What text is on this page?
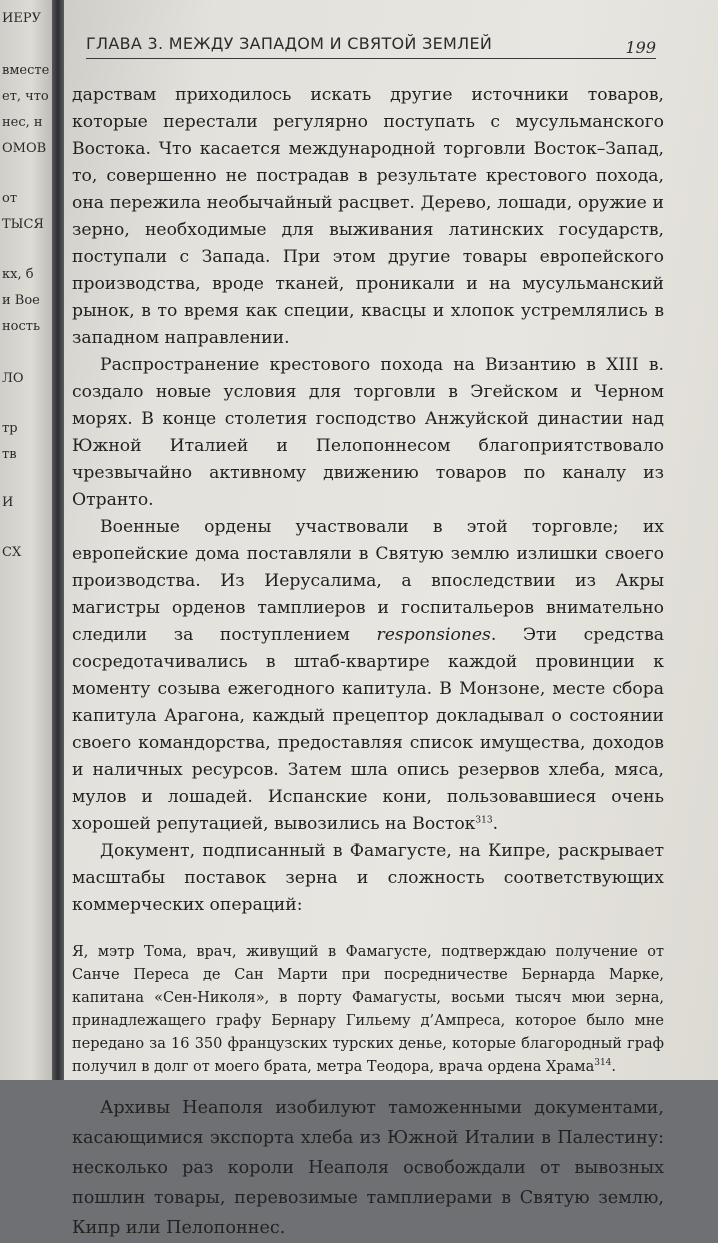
ИЕРУ
вместе
ет, что
нес, н
ОМОВ
от
ТЫСЯ
кх, б
и Вое
ность
ЛО
тр
тв
И
СХ
ГЛАВА 3. МЕЖДУ ЗАПАДОМ И СВЯТОЙ ЗЕМЛЕЙ	199

дарствам приходилось искать другие источники товаров, которые перестали регулярно поступать с мусульманского Востока. Что касается международной торговли Восток–Запад, то, совершенно не пострадав в результате крестового похода, она пережила необычайный расцвет. Дерево, лошади, оружие и зерно, необходимые для выживания латинских государств, поступали с Запада. При этом другие товары европейского производства, вроде тканей, проникали и на мусульманский рынок, в то время как специи, квасцы и хлопок устремлялись в западном направлении.

Распространение крестового похода на Византию в XIII в. создало новые условия для торговли в Эгейском и Черном морях. В конце столетия господство Анжуйской династии над Южной Италией и Пелопоннесом благоприятствовало чрезвычайно активному движению товаров по каналу из Отранто.

Военные ордены участвовали в этой торговле; их европейские дома поставляли в Святую землю излишки своего производства. Из Иерусалима, а впоследствии из Акры магистры орденов тамплиеров и госпитальеров внимательно следили за поступлением responsiones. Эти средства сосредотачивались в штаб-квартире каждой провинции к моменту созыва ежегодного капитула. В Монзоне, месте сбора капитула Арагона, каждый прецептор докладывал о состоянии своего командорства, предоставляя список имущества, доходов и наличных ресурсов. Затем шла опись резервов хлеба, мяса, мулов и лошадей. Испанские кони, пользовавшиеся очень хорошей репутацией, вывозились на Восток$^{313}$.

Документ, подписанный в Фамагусте, на Кипре, раскрывает масштабы поставок зерна и сложность соответствующих коммерческих операций:

Я, мэтр Тома, врач, живущий в Фамагусте, подтверждаю получение от Санче Переса де Сан Марти при посредничестве Бернарда Марке, капитана «Сен-Николя», в порту Фамагусты, восьми тысяч мюи зерна, принадлежащего графу Бернару Гильему д’Ампреса, которое было мне передано за 16 350 французских турских денье, которые благородный граф получил в долг от моего брата, метра Теодора, врача ордена Храма$^{314}$.

Архивы Неаполя изобилуют таможенными документами, касающимися экспорта хлеба из Южной Италии в Палестину: несколько раз короли Неаполя освобождали от вывозных пошлин товары, перевозимые тамплиерами в Святую землю, Кипр или Пелопоннес.
